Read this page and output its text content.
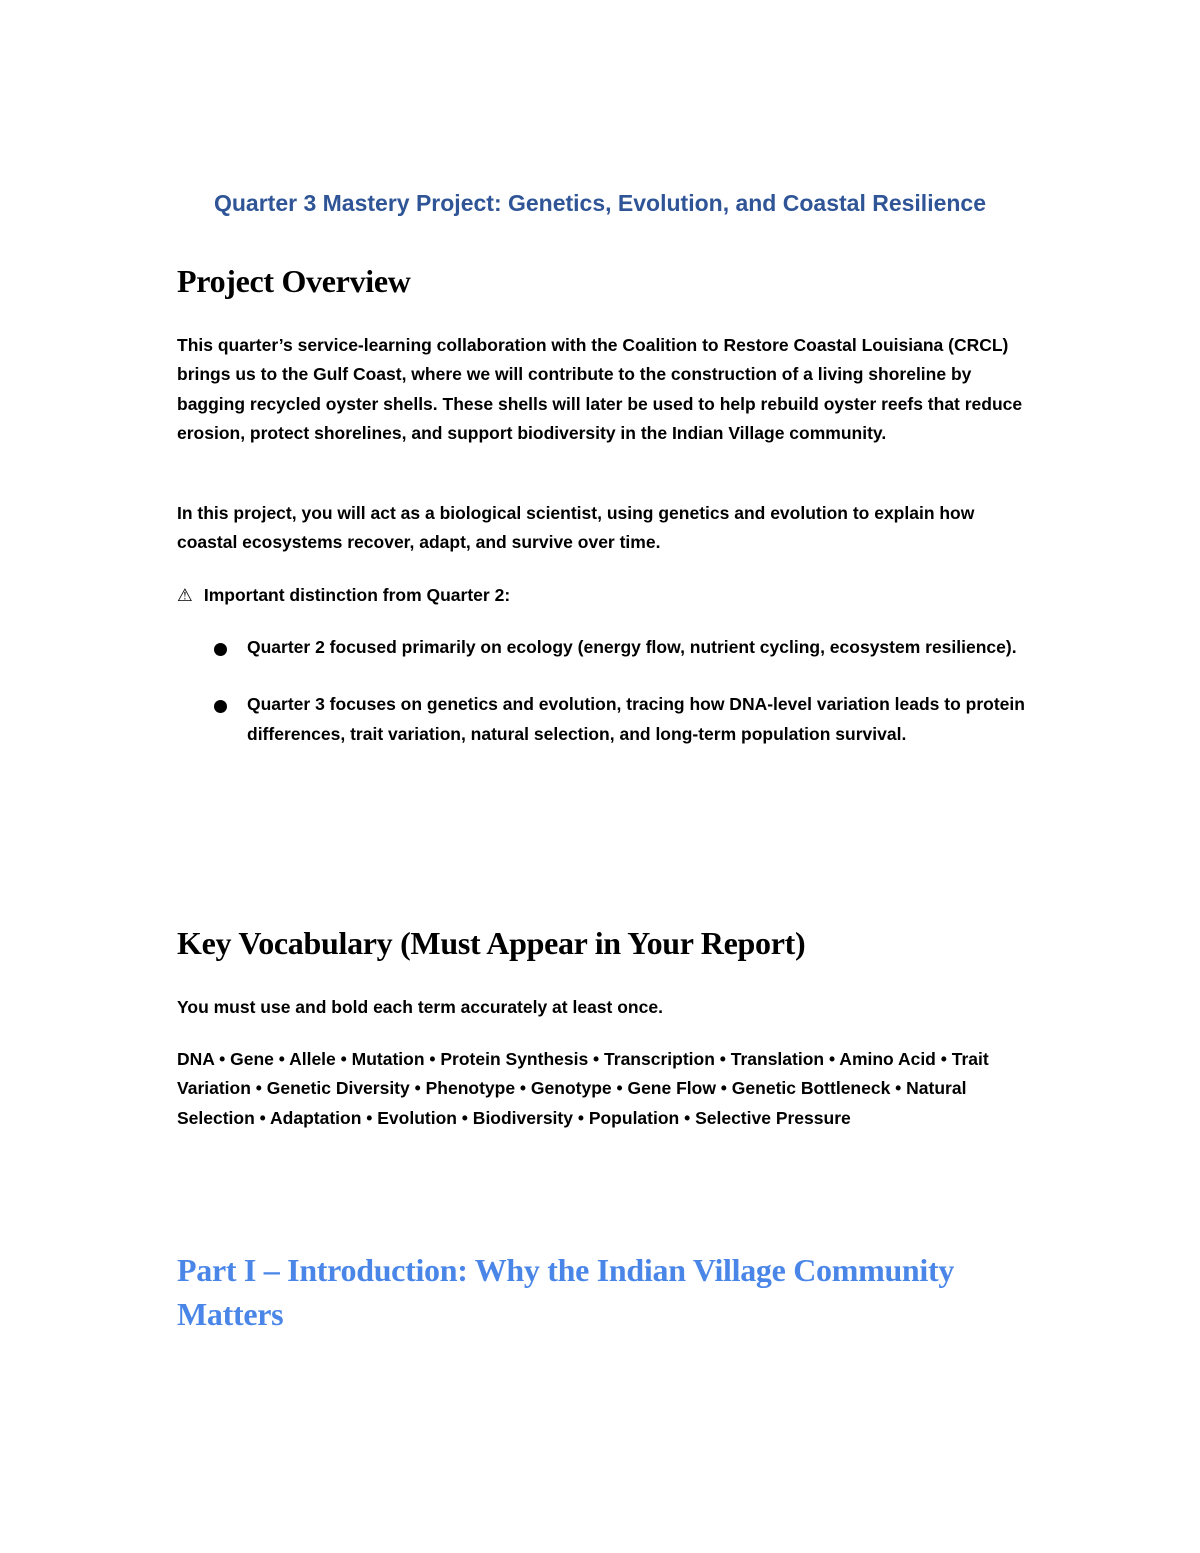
Quarter 3 Mastery Project: Genetics, Evolution, and Coastal Resilience
Project Overview

This quarter’s service-learning collaboration with the Coalition to Restore Coastal Louisiana (CRCL) brings us to the Gulf Coast, where we will contribute to the construction of a living shoreline by bagging recycled oyster shells. These shells will later be used to help rebuild oyster reefs that reduce erosion, protect shorelines, and support biodiversity in the Indian Village community.

In this project, you will act as a biological scientist, using genetics and evolution to explain how coastal ecosystems recover, adapt, and survive over time.

⚠ Important distinction from Quarter 2:

Quarter 2 focused primarily on ecology (energy flow, nutrient cycling, ecosystem resilience).
Quarter 3 focuses on genetics and evolution, tracing how DNA-level variation leads to protein differences, trait variation, natural selection, and long-term population survival.
Key Vocabulary (Must Appear in Your Report)

You must use and bold each term accurately at least once.

DNA • Gene • Allele • Mutation • Protein Synthesis • Transcription • Translation • Amino Acid • Trait Variation • Genetic Diversity • Phenotype • Genotype • Gene Flow • Genetic Bottleneck • Natural Selection • Adaptation • Evolution • Biodiversity • Population • Selective Pressure

Part I – Introduction: Why the Indian Village Community Matters
